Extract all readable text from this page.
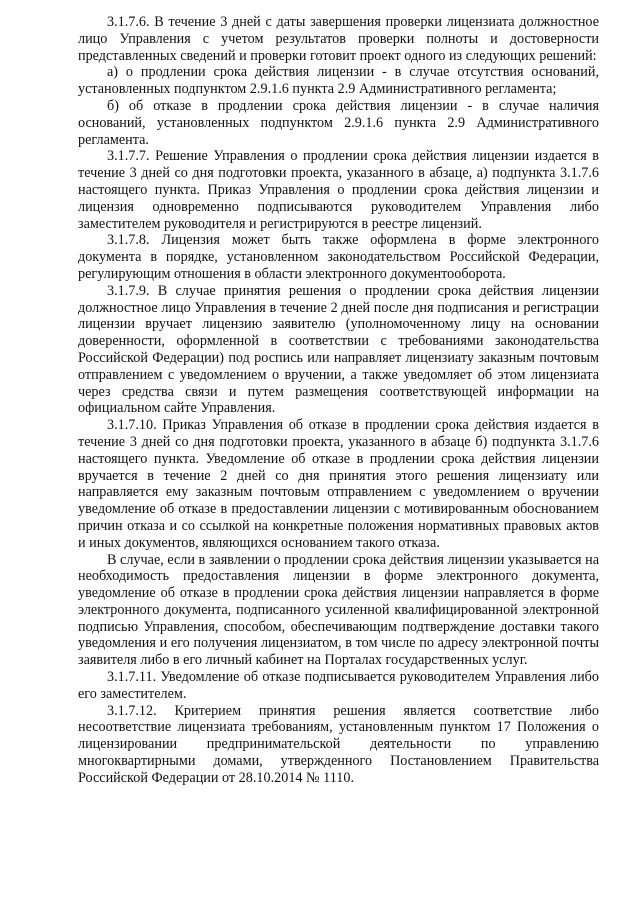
3.1.7.6. В течение 3 дней с даты завершения проверки лицензиата должностное лицо Управления с учетом результатов проверки полноты и достоверности представленных сведений и проверки готовит проект одного из следующих решений:

а) о продлении срока действия лицензии - в случае отсутствия оснований, установленных подпунктом 2.9.1.6 пункта 2.9 Административного регламента;

б) об отказе в продлении срока действия лицензии - в случае наличия оснований, установленных подпунктом 2.9.1.6 пункта 2.9 Административного регламента.

3.1.7.7. Решение Управления о продлении срока действия лицензии издается в течение 3 дней со дня подготовки проекта, указанного в абзаце, а) подпункта 3.1.7.6 настоящего пункта. Приказ Управления о продлении срока действия лицензии и лицензия одновременно подписываются руководителем Управления либо заместителем руководителя и регистрируются в реестре лицензий.

3.1.7.8. Лицензия может быть также оформлена в форме электронного документа в порядке, установленном законодательством Российской Федерации, регулирующим отношения в области электронного документооборота.

3.1.7.9. В случае принятия решения о продлении срока действия лицензии должностное лицо Управления в течение 2 дней после дня подписания и регистрации лицензии вручает лицензию заявителю (уполномоченному лицу на основании доверенности, оформленной в соответствии с требованиями законодательства Российской Федерации) под роспись или направляет лицензиату заказным почтовым отправлением с уведомлением о вручении, а также уведомляет об этом лицензиата через средства связи и путем размещения соответствующей информации на официальном сайте Управления.

3.1.7.10. Приказ Управления об отказе в продлении срока действия издается в течение 3 дней со дня подготовки проекта, указанного в абзаце б) подпункта 3.1.7.6 настоящего пункта. Уведомление об отказе в продлении срока действия лицензии вручается в течение 2 дней со дня принятия этого решения лицензиату или направляется ему заказным почтовым отправлением с уведомлением о вручении уведомление об отказе в предоставлении лицензии с мотивированным обоснованием причин отказа и со ссылкой на конкретные положения нормативных правовых актов и иных документов, являющихся основанием такого отказа.

В случае, если в заявлении о продлении срока действия лицензии указывается на необходимость предоставления лицензии в форме электронного документа, уведомление об отказе в продлении срока действия лицензии направляется в форме электронного документа, подписанного усиленной квалифицированной электронной подписью Управления, способом, обеспечивающим подтверждение доставки такого уведомления и его получения лицензиатом, в том числе по адресу электронной почты заявителя либо в его личный кабинет на Порталах государственных услуг.

3.1.7.11. Уведомление об отказе подписывается руководителем Управления либо его заместителем.

3.1.7.12. Критерием принятия решения является соответствие либо несоответствие лицензиата требованиям, установленным пунктом 17 Положения о лицензировании предпринимательской деятельности по управлению многоквартирными домами, утвержденного Постановлением Правительства Российской Федерации от 28.10.2014 № 1110.
